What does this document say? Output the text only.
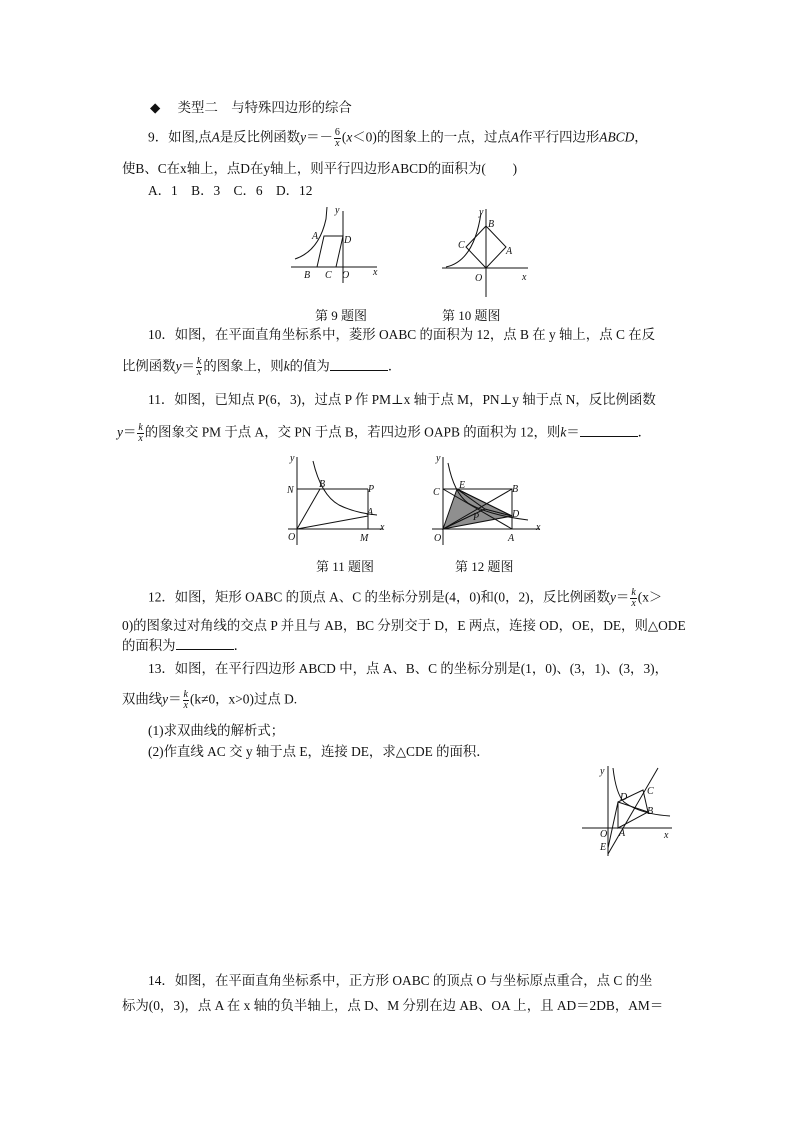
◆ 类型二　与特殊四边形的综合
9．如图,点A是反比例函数$y=- \frac{6}{x} (x<0)$的图象上的一点，过点A作平行四边形ABCD，
使B、C在x轴上，点D在y轴上，则平行四边形ABCD的面积为(　　)
A．1　B．3　C．6　D．12
y
x
A	D
B C O
y
x
B
C
A
O
第 9 题图	第 10 题图
10．如图，在平面直角坐标系中，菱形 OABC 的面积为 12，点 B 在 y 轴上，点 C 在反
比例函数$y= \frac{k}{x}$ 的图象上，则k的值为	．
11．如图，已知点 P(6，3)，过点 P 作 PM⊥x 轴于点 M，PN⊥y 轴于点 N，反比例函数
$y= \frac{k}{x}$ 的图象交 PM 于点 A，交 PN 于点 B，若四边形 OAPB 的面积为 12，则k＝	．
y
x
N
B	P
A
O	M
y
x
C
E	B
P	D
O	A
第 11 题图	第 12 题图
12．如图，矩形 OABC 的顶点 A、C 的坐标分别是(4，0)和(0，2)，反比例函数$y= \frac{k}{x} (x>$
0)的图象过对角线的交点 P 并且与 AB，BC 分别交于 D，E 两点，连接 OD，OE，DE，则△ODE
的面积为	．
13．如图，在平行四边形 ABCD 中，点 A、B、C 的坐标分别是(1，0)、(3，1)、(3，3)，
双曲线$y= \frac{k}{x} (k\ne 0$，x>0)过点 D.
(1)求双曲线的解析式；
(2)作直线 AC 交 y 轴于点 E，连接 DE，求△CDE 的面积．
y
x
C
D
B
O A
E
14．如图，在平面直角坐标系中，正方形 OABC 的顶点 O 与坐标原点重合，点 C 的坐
标为(0，3)，点 A 在 x 轴的负半轴上，点 D、M 分别在边 AB、OA 上，且 AD＝2DB，AM＝
